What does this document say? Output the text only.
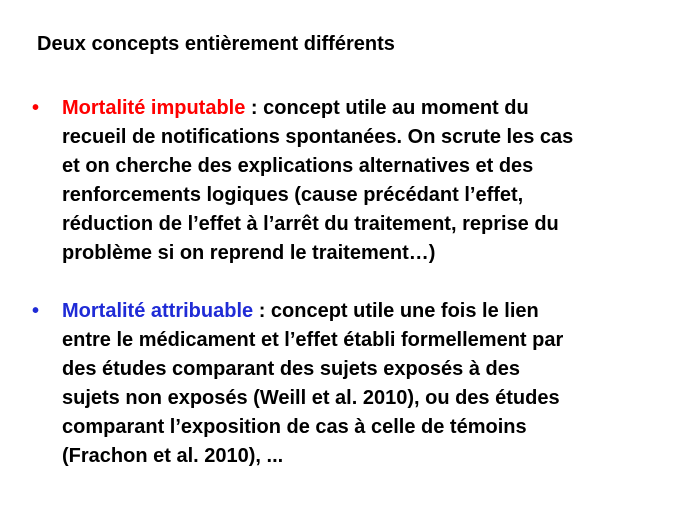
Deux concepts entièrement différents
• Mortalité imputable : concept utile au moment du
recueil de notifications spontanées. On scrute les cas
et on cherche des explications alternatives et des
renforcements logiques (cause précédant l’effet,
réduction de l’effet à l’arrêt du traitement, reprise du
problème si on reprend le traitement…)
• Mortalité attribuable : concept utile une fois le lien
entre le médicament et l’effet établi formellement par
des études comparant des sujets exposés à des
sujets non exposés (Weill et al. 2010), ou des études
comparant l’exposition de cas à celle de témoins
(Frachon et al. 2010), ...
